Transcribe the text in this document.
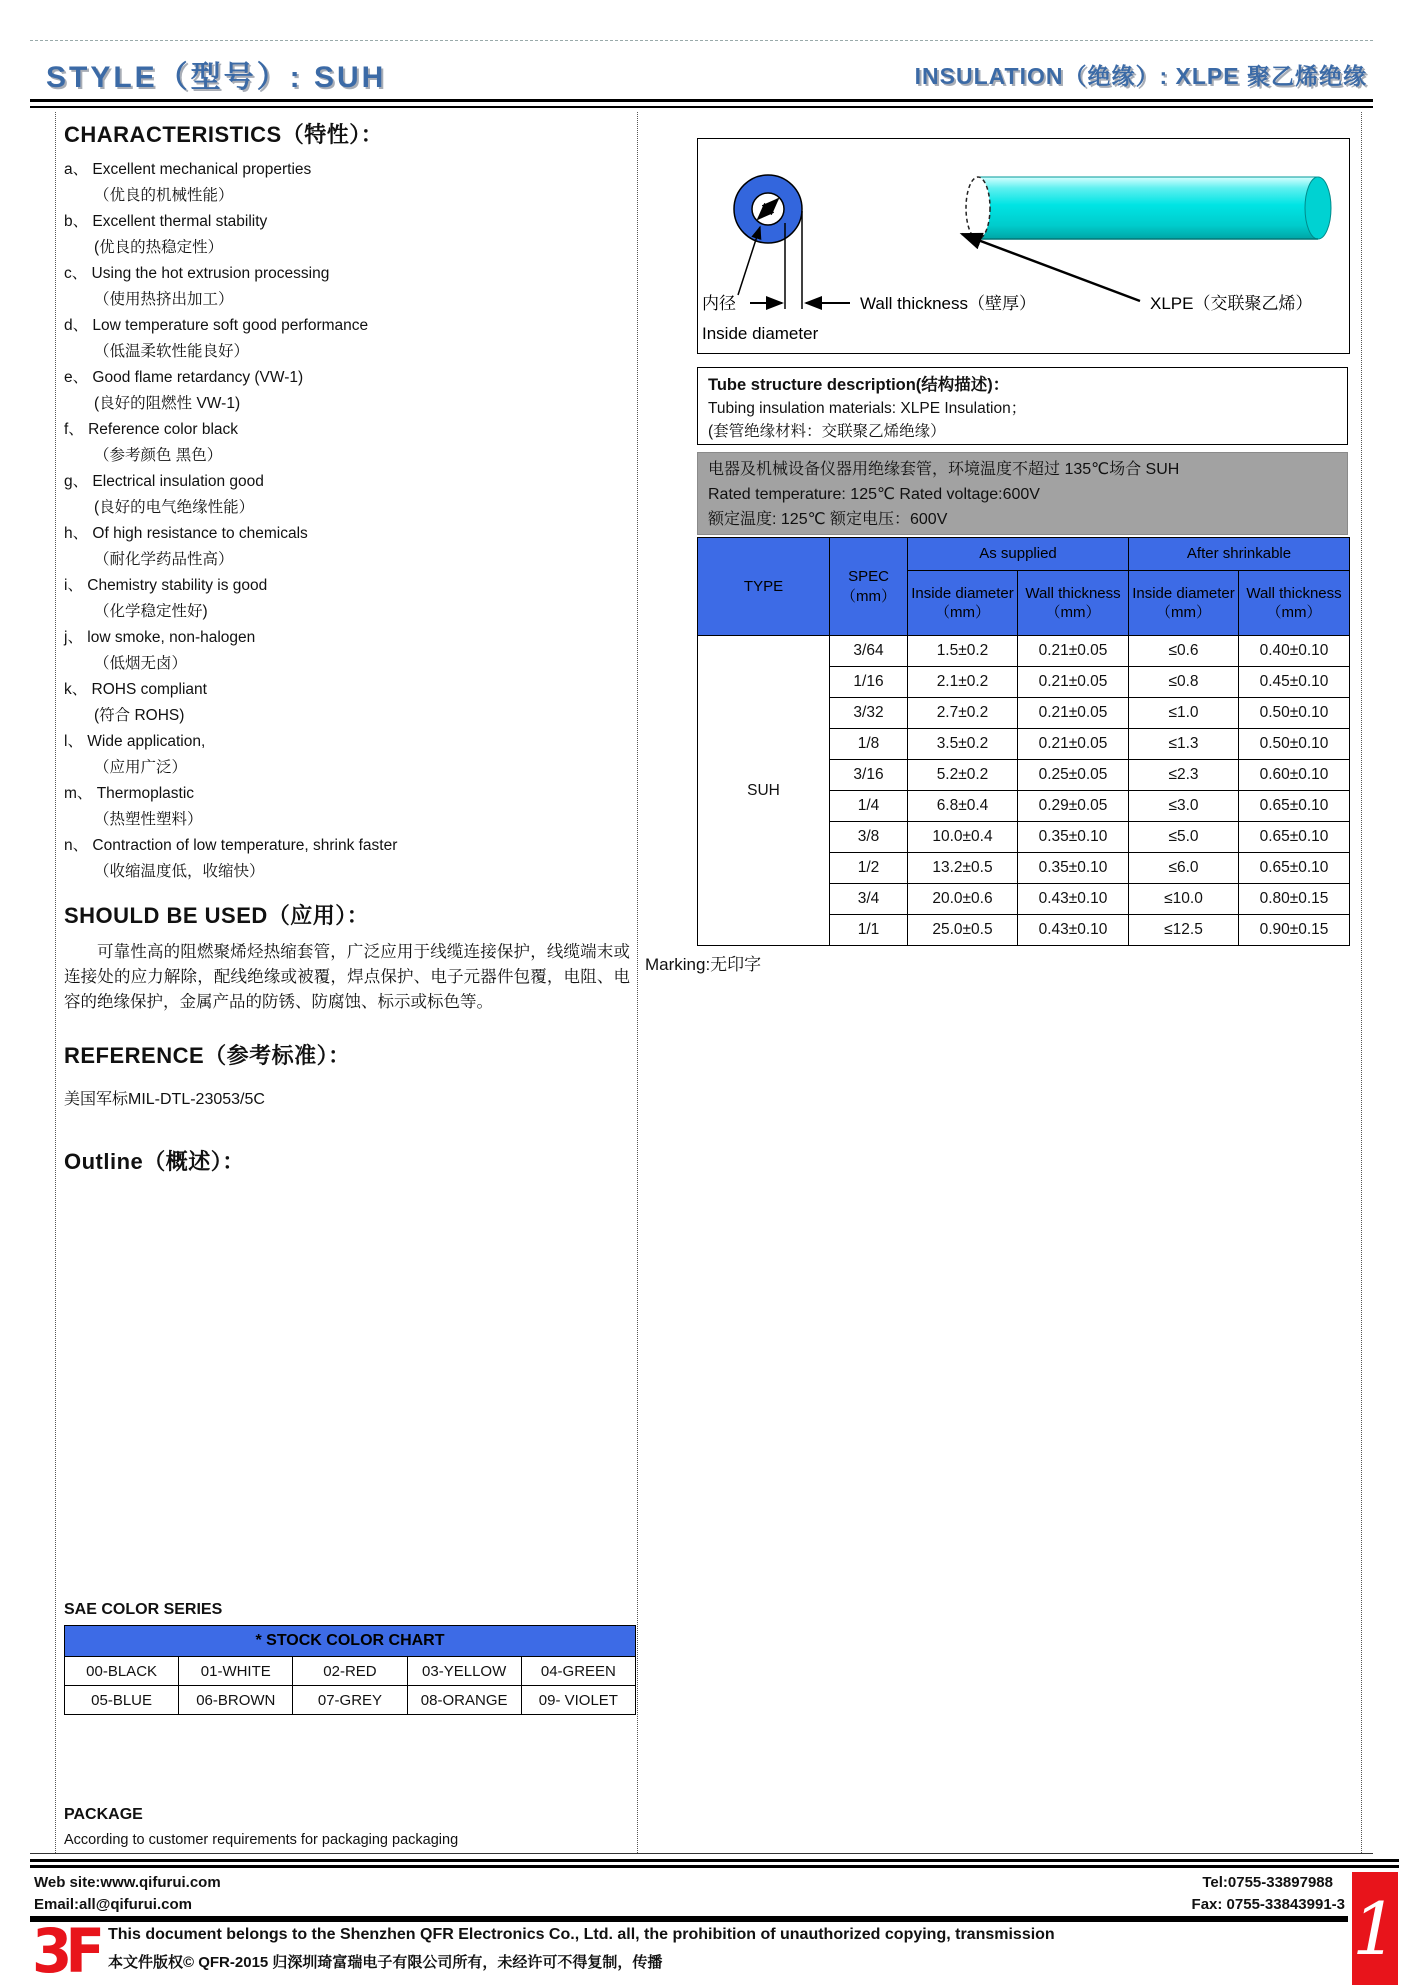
STYLE（型号）: SUH	INSULATION（绝缘）: XLPE 聚乙烯绝缘
CHARACTERISTICS（特性）：
a、 Excellent mechanical properties
（优良的机械性能）
b、 Excellent thermal stability
(优良的热稳定性）
c、 Using the hot extrusion processing
（使用热挤出加工）
d、 Low temperature soft good performance
（低温柔软性能良好）
e、 Good flame retardancy (VW-1)
(良好的阻燃性 VW-1)
f、 Reference color black
（参考颜色 黑色）
g、 Electrical insulation good
(良好的电气绝缘性能）
h、 Of high resistance to chemicals
（耐化学药品性高）
i、 Chemistry stability is good
（化学稳定性好)
j、 low smoke, non-halogen
（低烟无卤）
k、 ROHS compliant
(符合 ROHS)
l、 Wide application,
（应用广泛）
m、 Thermoplastic
（热塑性塑料）
n、 Contraction of low temperature, shrink faster
（收缩温度低，收缩快）
SHOULD BE USED（应用）：

可靠性高的阻燃聚烯烃热缩套管，广泛应用于线缆连接保护，线缆端末或连接处的应力解除，配线绝缘或被覆，焊点保护、电子元器件包覆，电阻、电容的绝缘保护，金属产品的防锈、防腐蚀、标示或标色等。

REFERENCE（参考标准）：
美国军标MIL-DTL-23053/5C
Outline（概述）：
SAE COLOR SERIES
* STOCK COLOR CHART				
00-BLACK	01-WHITE	02-RED	03-YELLOW	04-GREEN
05-BLUE	06-BROWN	07-GREY	08-ORANGE	09- VIOLET
PACKAGE
According to customer requirements for packaging packaging
内径	Wall thickness（壁厚）
Inside diameter
XLPE（交联聚乙烯）
Tube structure description(结构描述)：
Tubing insulation materials: XLPE Insulation；
(套管绝缘材料：交联聚乙烯绝缘）
电器及机械设备仪器用绝缘套管，环境温度不超过 135℃场合 SUH
Rated temperature: 125℃ Rated voltage:600V
额定温度: 125℃ 额定电压：600V
TYPE	SPEC（mm）	As supplied		After shrinkable	
		Inside diameter（mm）	Wall thickness（mm）	Inside diameter（mm）	Wall thickness（mm）
SUH	3/64	1.5±0.2	0.21±0.05	≤0.6	0.40±0.10
	1/16	2.1±0.2	0.21±0.05	≤0.8	0.45±0.10
	3/32	2.7±0.2	0.21±0.05	≤1.0	0.50±0.10
	1/8	3.5±0.2	0.21±0.05	≤1.3	0.50±0.10
	3/16	5.2±0.2	0.25±0.05	≤2.3	0.60±0.10
	1/4	6.8±0.4	0.29±0.05	≤3.0	0.65±0.10
	3/8	10.0±0.4	0.35±0.10	≤5.0	0.65±0.10
	1/2	13.2±0.5	0.35±0.10	≤6.0	0.65±0.10
	3/4	20.0±0.6	0.43±0.10	≤10.0	0.80±0.15
	1/1	25.0±0.5	0.43±0.10	≤12.5	0.90±0.15
Marking:无印字
Web site:www.qifurui.com
Email:all@qifurui.com
Tel:0755-33897988
Fax: 0755-33843991-3
3F This document belongs to the Shenzhen QFR Electronics Co., Ltd. all, the prohibition of unauthorized copying, transmission
本文件版权© QFR-2015 归深圳琦富瑞电子有限公司所有，未经许可不得复制，传播	1
